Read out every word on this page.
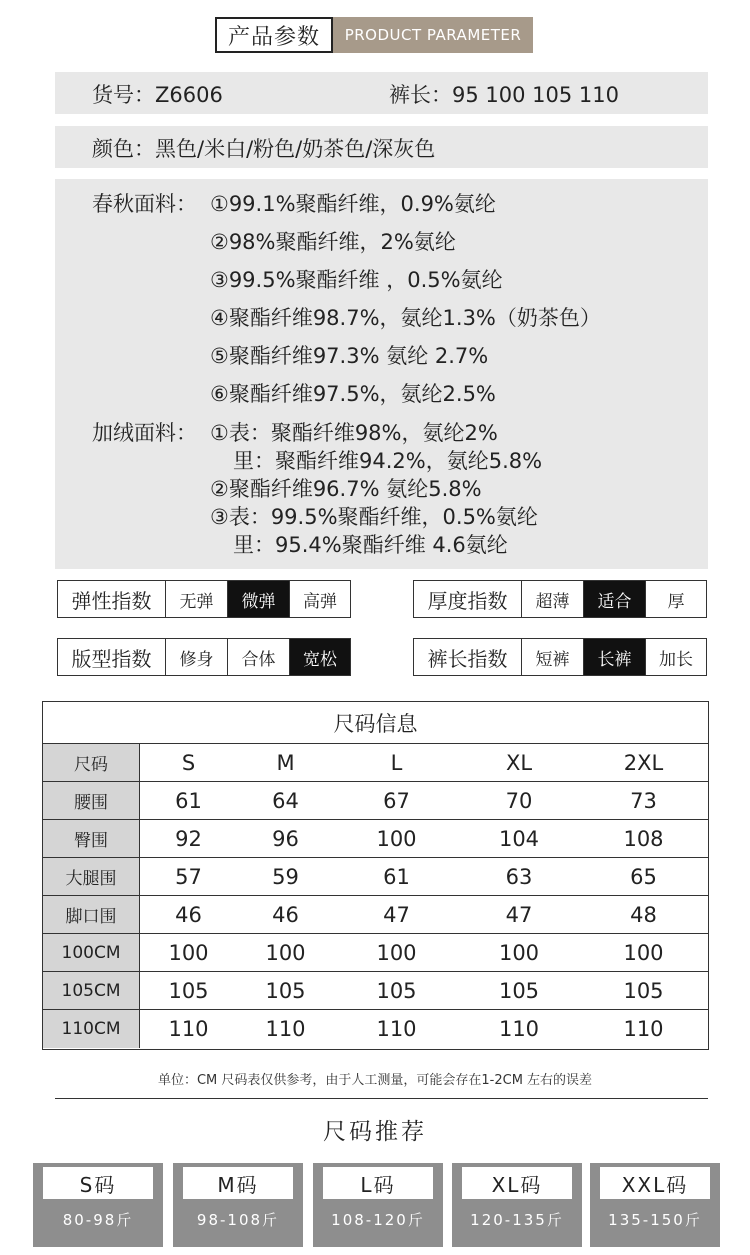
产品参数	PRODUCT PARAMETER
货号：Z6606	裤长：95 100 105 110
颜色：黑色/米白/粉色/奶茶色/深灰色
春秋面料： ①99.1%聚酯纤维，0.9%氨纶
②98%聚酯纤维，2%氨纶
③99.5%聚酯纤维 ，0.5%氨纶
④聚酯纤维98.7%，氨纶1.3%（奶茶色）
⑤聚酯纤维97.3% 氨纶 2.7%
⑥聚酯纤维97.5%，氨纶2.5%
加绒面料： ①表：聚酯纤维98%，氨纶2%
里：聚酯纤维94.2%，氨纶5.8%
②聚酯纤维96.7% 氨纶5.8%
③表：99.5%聚酯纤维，0.5%氨纶
里：95.4%聚酯纤维 4.6氨纶
弹性指数	无弹	微弹	高弹	厚度指数	超薄	适合	厚
版型指数	修身	合体	宽松	裤长指数	短裤	长裤	加长
尺码信息
尺码	S	M	L	XL	2XL
腰围	61	64	67	70	73
臀围	92	96	100	104	108
大腿围	57	59	61	63	65
脚口围	46	46	47	47	48
100CM	100	100	100	100	100
105CM	105	105	105	105	105
110CM	110	110	110	110	110
单位：CM 尺码表仅供参考，由于人工测量，可能会存在1-2CM 左右的误差
尺码推荐
S码
80-98斤
M码
98-108斤
L码
108-120斤
XL码
120-135斤
XXL码
135-150斤
